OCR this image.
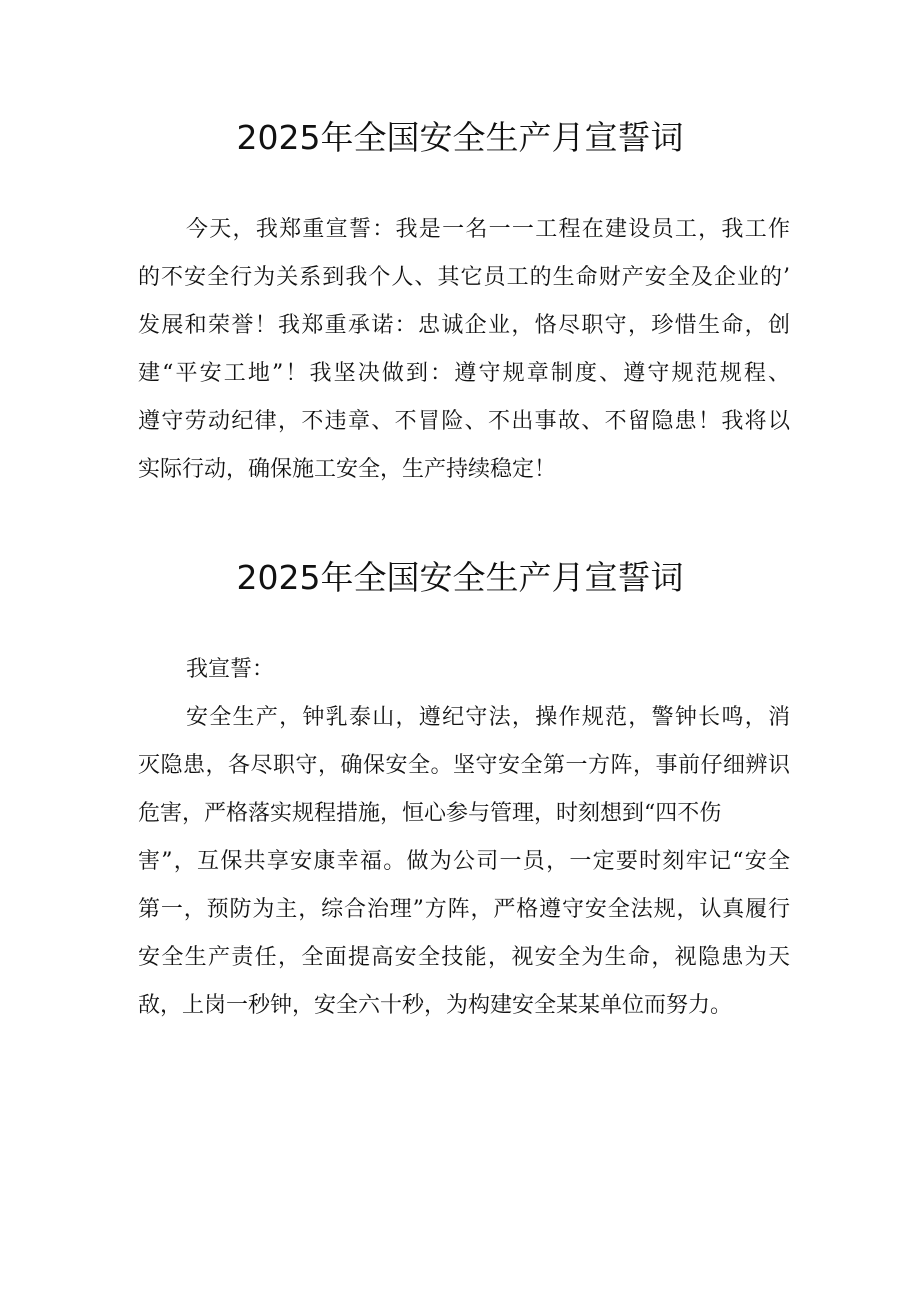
2025年全国安全生产月宣誓词
今天，我郑重宣誓：我是一名一一工程在建设员工，我工作
的不安全行为关系到我个人、其它员工的生命财产安全及企业的’
发展和荣誉！我郑重承诺：忠诚企业，恪尽职守，珍惜生命，创
建“平安工地”！我坚决做到：遵守规章制度、遵守规范规程、
遵守劳动纪律，不违章、不冒险、不出事故、不留隐患！我将以
实际行动，确保施工安全，生产持续稳定！
2025年全国安全生产月宣誓词
我宣誓：
安全生产，钟乳泰山，遵纪守法，操作规范，警钟长鸣，消
灭隐患，各尽职守，确保安全。坚守安全第一方阵，事前仔细辨识
危害，严格落实规程措施，恒心参与管理，时刻想到“四不伤
害”，互保共享安康幸福。做为公司一员，一定要时刻牢记“安全
第一，预防为主，综合治理”方阵，严格遵守安全法规，认真履行
安全生产责任，全面提高安全技能，视安全为生命，视隐患为天
敌，上岗一秒钟，安全六十秒，为构建安全某某单位而努力。
